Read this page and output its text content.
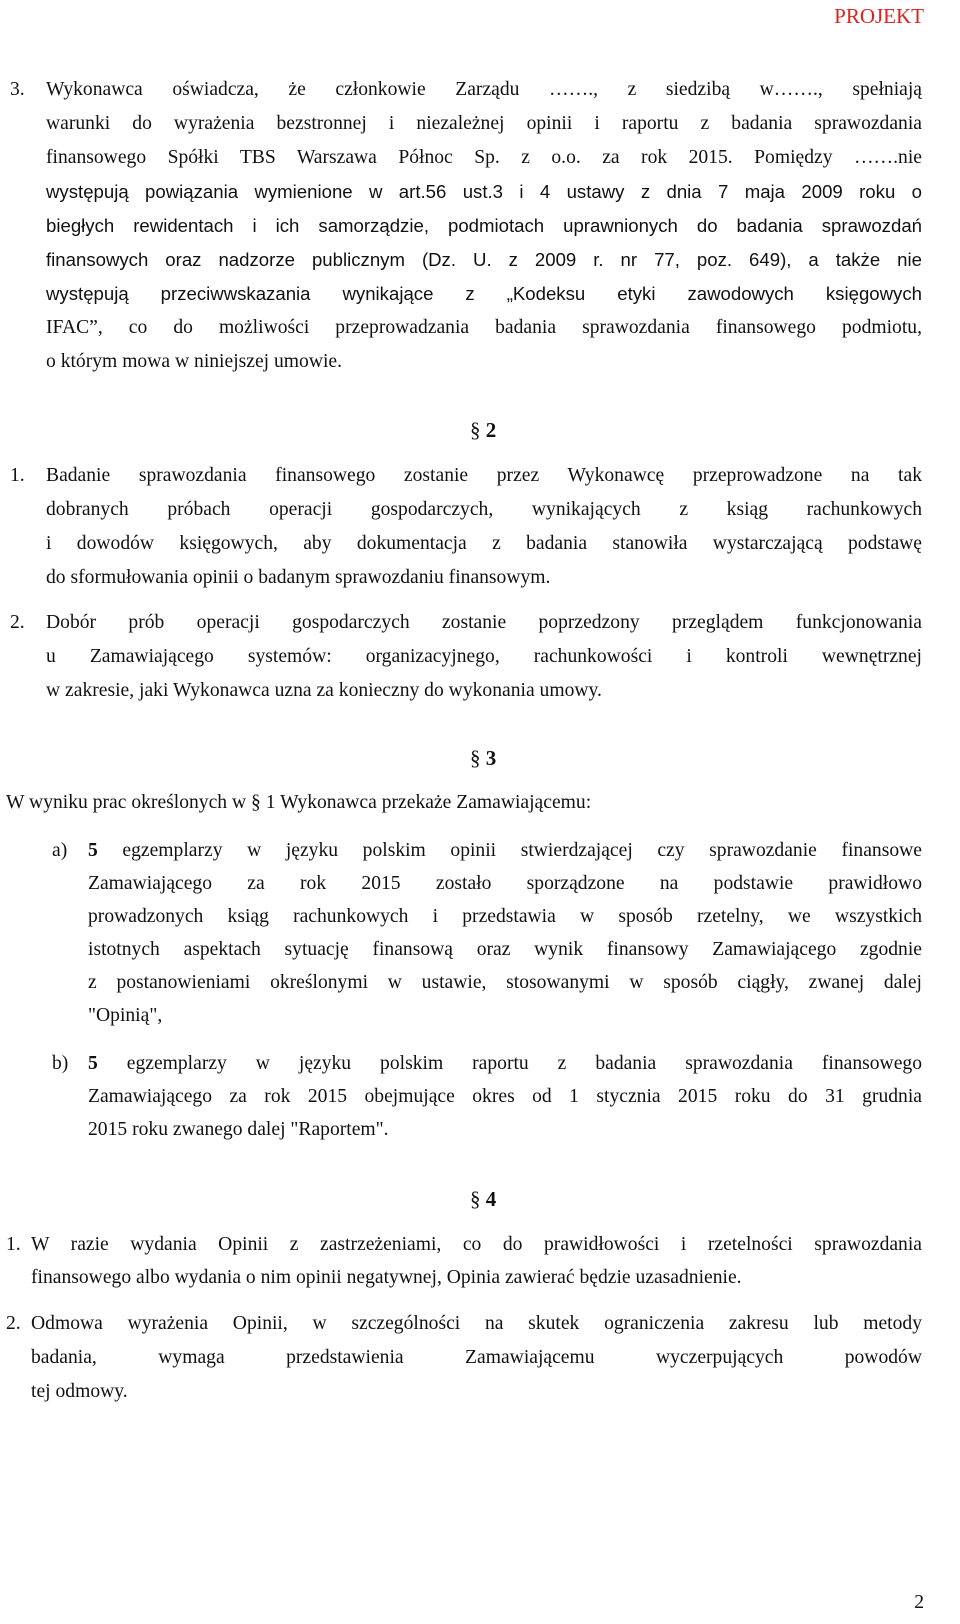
PROJEKT
3.	Wykonawca oświadcza, że członkowie Zarządu ……., z siedzibą w……., spełniają
warunki do wyrażenia bezstronnej i niezależnej opinii i raportu z badania sprawozdania
finansowego Spółki TBS Warszawa Północ Sp. z o.o. za rok 2015. Pomiędzy …….nie
występują powiązania wymienione w art.56 ust.3 i 4 ustawy z dnia 7 maja 2009 roku o
biegłych rewidentach i ich samorządzie, podmiotach uprawnionych do badania sprawozdań
finansowych oraz nadzorze publicznym (Dz. U. z 2009 r. nr 77, poz. 649), a także nie
występują przeciwwskazania wynikające z „Kodeksu etyki zawodowych księgowych
IFAC”, co do możliwości przeprowadzania badania sprawozdania finansowego podmiotu,
o którym mowa w niniejszej umowie.
§ 2
1.	Badanie sprawozdania finansowego zostanie przez Wykonawcę przeprowadzone na tak
dobranych próbach operacji gospodarczych, wynikających z ksiąg rachunkowych
i dowodów księgowych, aby dokumentacja z badania stanowiła wystarczającą podstawę
do sformułowania opinii o badanym sprawozdaniu finansowym.
2.	Dobór prób operacji gospodarczych zostanie poprzedzony przeglądem funkcjonowania
u Zamawiającego systemów: organizacyjnego, rachunkowości i kontroli wewnętrznej
w zakresie, jaki Wykonawca uzna za konieczny do wykonania umowy.
§ 3
W wyniku prac określonych w § 1 Wykonawca przekaże Zamawiającemu:
a) 5 egzemplarzy w języku polskim opinii stwierdzającej czy sprawozdanie finansowe
Zamawiającego za rok 2015 zostało sporządzone na podstawie prawidłowo
prowadzonych ksiąg rachunkowych i przedstawia w sposób rzetelny, we wszystkich
istotnych aspektach sytuację finansową oraz wynik finansowy Zamawiającego zgodnie
z postanowieniami określonymi w ustawie, stosowanymi w sposób ciągły, zwanej dalej
"Opinią",
b) 5 egzemplarzy w języku polskim raportu z badania sprawozdania finansowego
Zamawiającego za rok 2015 obejmujące okres od 1 stycznia 2015 roku do 31 grudnia
2015 roku zwanego dalej "Raportem".
§ 4
1. W razie wydania Opinii z zastrzeżeniami, co do prawidłowości i rzetelności sprawozdania
finansowego albo wydania o nim opinii negatywnej, Opinia zawierać będzie uzasadnienie.
2. Odmowa wyrażenia Opinii, w szczególności na skutek ograniczenia zakresu lub metody
badania, wymaga przedstawienia Zamawiającemu wyczerpujących powodów
tej odmowy.
2
